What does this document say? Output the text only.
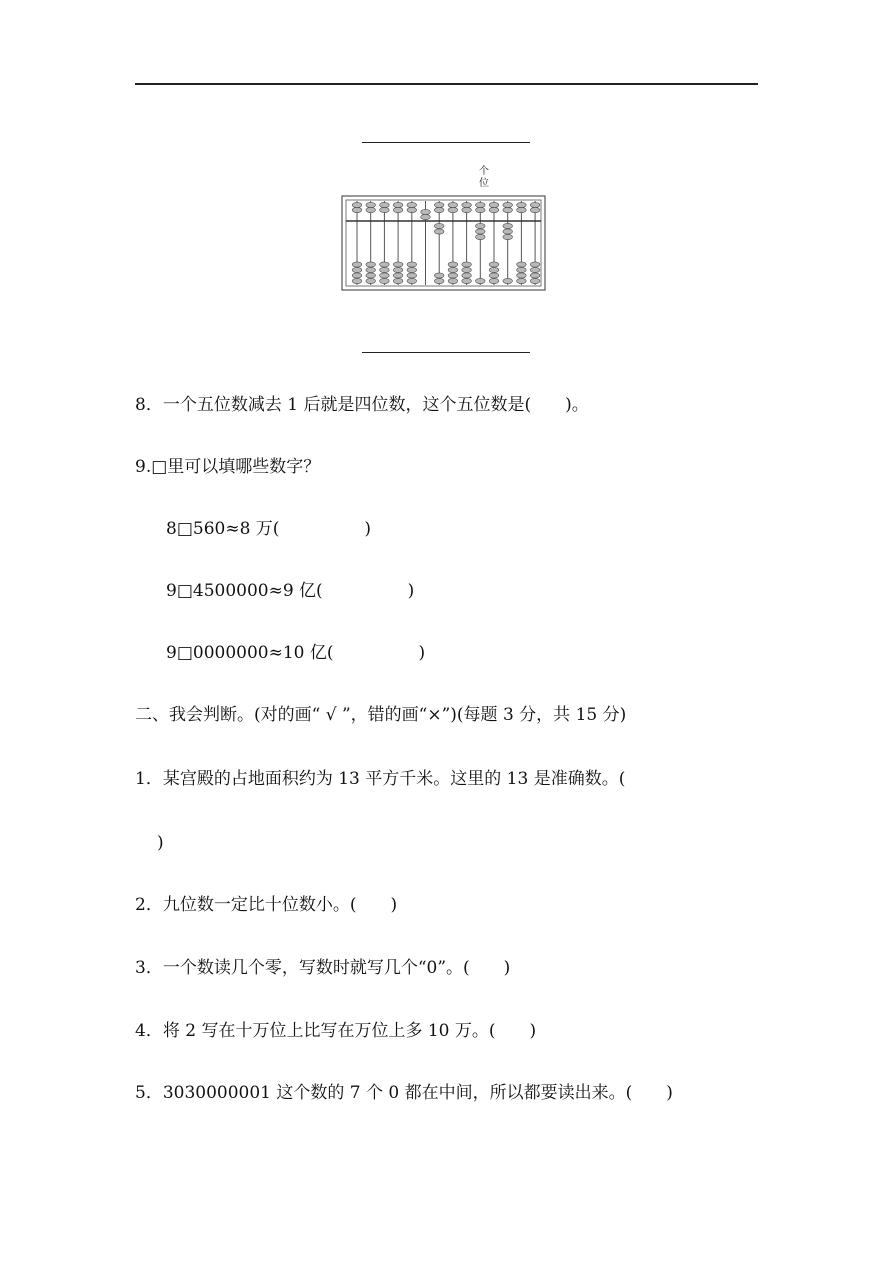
个
位
8．一个五位数减去 1 后就是四位数，这个五位数是(　　)。
9.□里可以填哪些数字？
8□560≈8 万(　　　　　)
9□4500000≈9 亿(　　　　　)
9□0000000≈10 亿(　　　　　)
二、我会判断。(对的画“ √ ”，错的画“×”)(每题 3 分，共 15 分)
1．某宫殿的占地面积约为 13 平方千米。这里的 13 是准确数。(
)
2．九位数一定比十位数小。(　　)
3．一个数读几个零，写数时就写几个“0”。(　　)
4．将 2 写在十万位上比写在万位上多 10 万。(　　)
5．3030000001 这个数的 7 个 0 都在中间，所以都要读出来。(　　)
